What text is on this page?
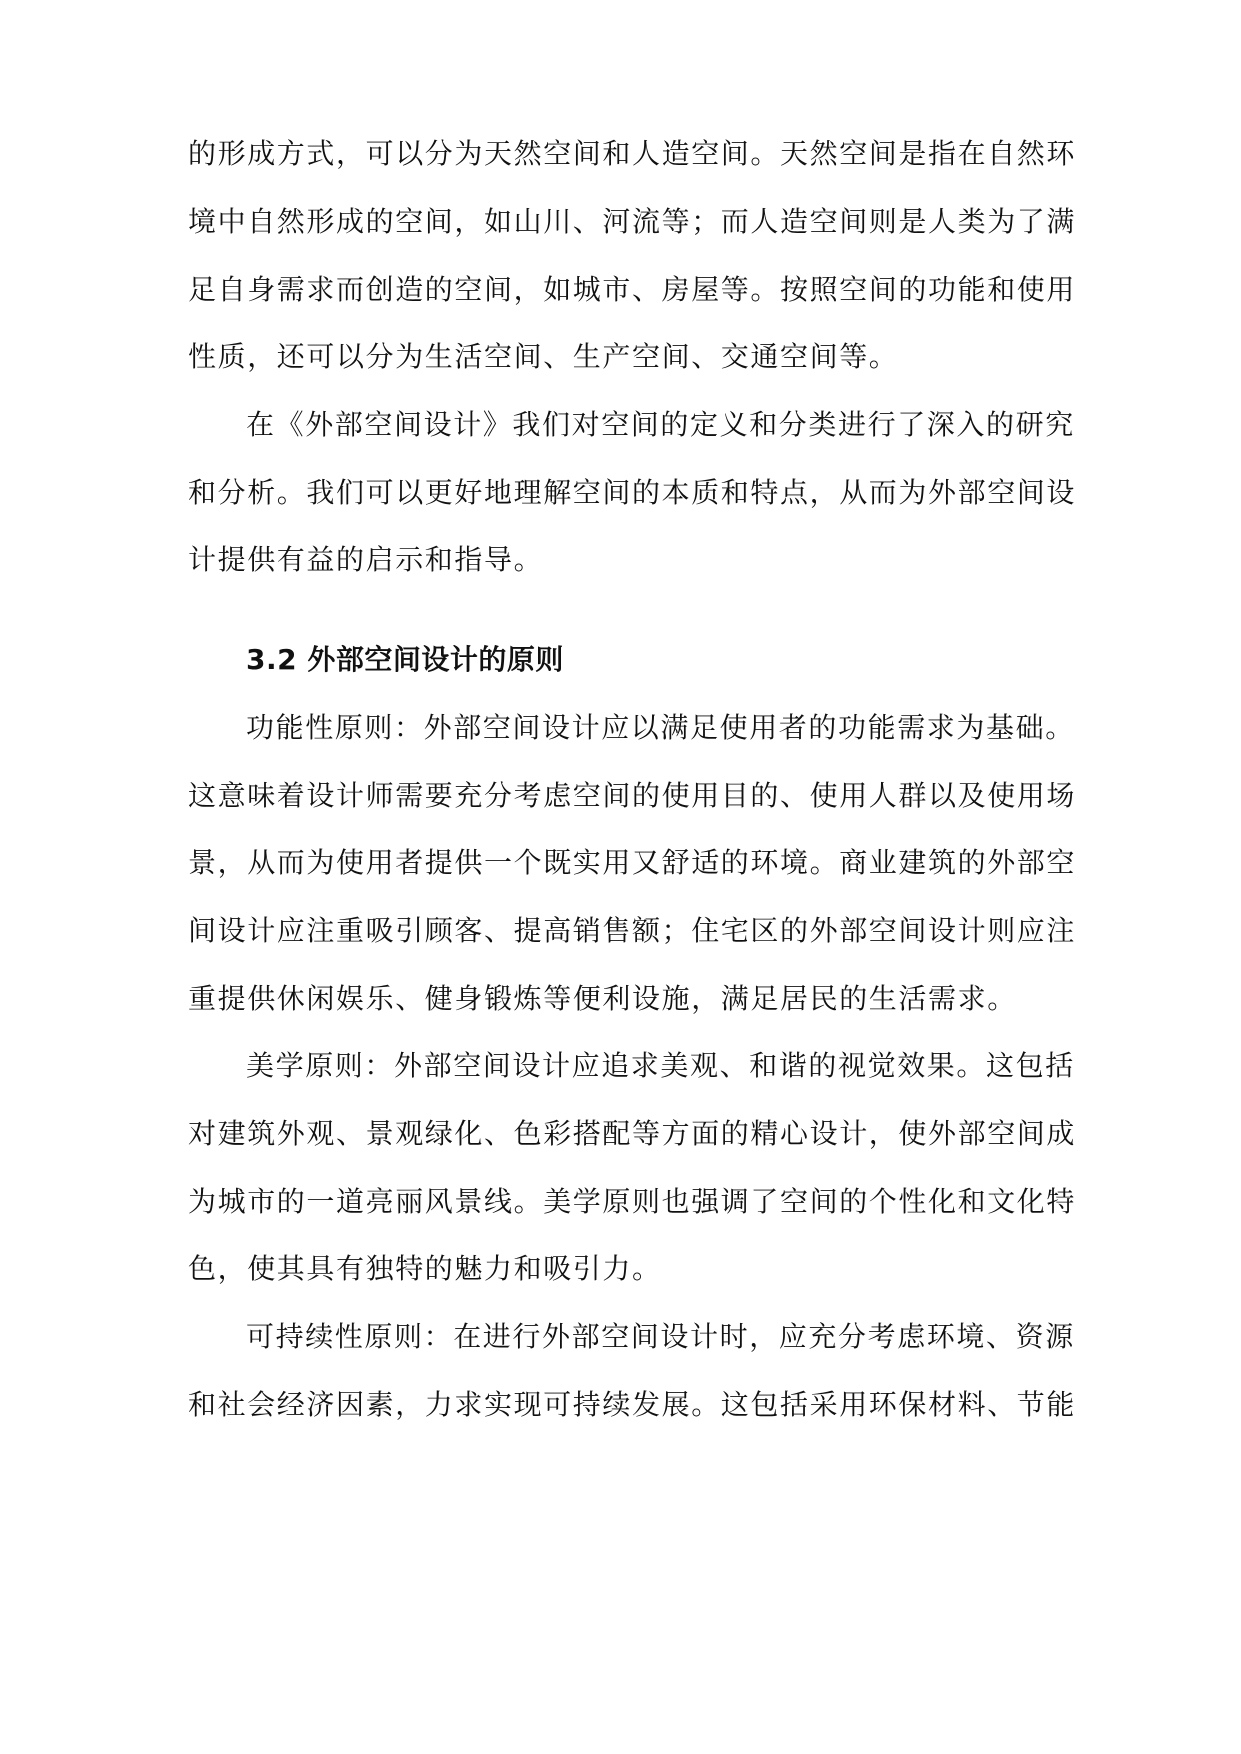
的形成方式，可以分为天然空间和人造空间。天然空间是指在自然环
境中自然形成的空间，如山川、河流等；而人造空间则是人类为了满
足自身需求而创造的空间，如城市、房屋等。按照空间的功能和使用
性质，还可以分为生活空间、生产空间、交通空间等。
在《外部空间设计》我们对空间的定义和分类进行了深入的研究
和分析。我们可以更好地理解空间的本质和特点，从而为外部空间设
计提供有益的启示和指导。
3.2 外部空间设计的原则
功能性原则：外部空间设计应以满足使用者的功能需求为基础。
这意味着设计师需要充分考虑空间的使用目的、使用人群以及使用场
景，从而为使用者提供一个既实用又舒适的环境。商业建筑的外部空
间设计应注重吸引顾客、提高销售额；住宅区的外部空间设计则应注
重提供休闲娱乐、健身锻炼等便利设施，满足居民的生活需求。
美学原则：外部空间设计应追求美观、和谐的视觉效果。这包括
对建筑外观、景观绿化、色彩搭配等方面的精心设计，使外部空间成
为城市的一道亮丽风景线。美学原则也强调了空间的个性化和文化特
色，使其具有独特的魅力和吸引力。
可持续性原则：在进行外部空间设计时，应充分考虑环境、资源
和社会经济因素，力求实现可持续发展。这包括采用环保材料、节能
